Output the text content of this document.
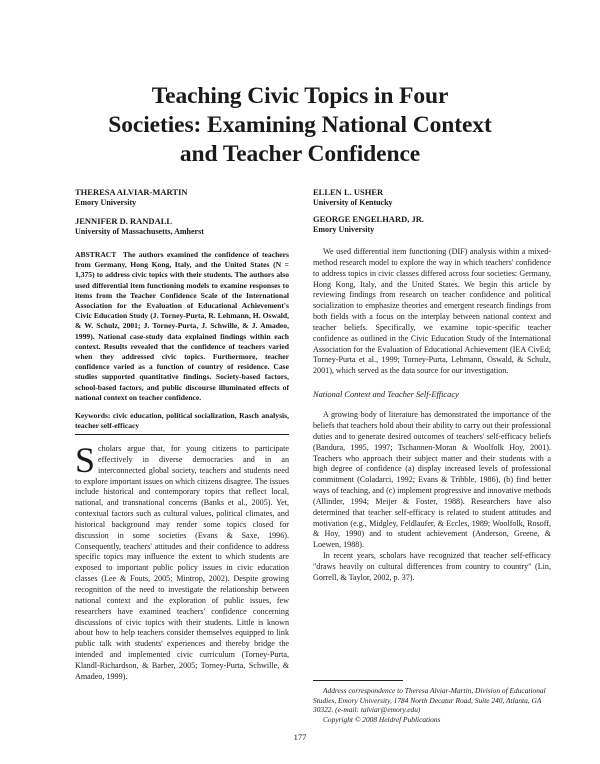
Teaching Civic Topics in Four
Societies: Examining National Context
and Teacher Confidence
THERESA ALVIAR-MARTIN
Emory University
JENNIFER D. RANDALL
University of Massachusetts, Amherst
ELLEN L. USHER
University of Kentucky
GEORGE ENGELHARD, JR.
Emory University

ABSTRACT The authors examined the confidence of teachers from Germany, Hong Kong, Italy, and the United States (N = 1,375) to address civic topics with their students. The authors also used differential item functioning models to examine responses to items from the Teacher Confidence Scale of the International Association for the Evaluation of Educational Achievement's Civic Education Study (J. Torney-Purta, R. Lehmann, H. Oswald, & W. Schulz, 2001; J. Torney-Purta, J. Schwille, & J. Amadeo, 1999). National case-study data explained findings within each context. Results revealed that the confidence of teachers varied when they addressed civic topics. Furthermore, teacher confidence varied as a function of country of residence. Case studies supported quantitative findings. Society-based factors, school-based factors, and public discourse illuminated effects of national context on teacher confidence.

Keywords: civic education, political socialization, Rasch analysis, teacher self-efficacy

Scholars argue that, for young citizens to participate effectively in diverse democracies and in an interconnected global society, teachers and students need to explore important issues on which citizens disagree. The issues include historical and contemporary topics that reflect local, national, and transnational concerns (Banks et al., 2005). Yet, contextual factors such as cultural values, political climates, and historical background may render some topics closed for discussion in some societies (Evans & Saxe, 1996). Consequently, teachers' attitudes and their confidence to address specific topics may influence the extent to which students are exposed to important public policy issues in civic education classes (Lee & Fouts, 2005; Mintrop, 2002). Despite growing recognition of the need to investigate the relationship between national context and the exploration of public issues, few researchers have examined teachers' confidence concerning discussions of civic topics with their students. Little is known about how to help teachers consider themselves equipped to link public talk with students' experiences and thereby bridge the intended and implemented civic curriculum (Torney-Purta, Klandl-Richardson, & Barber, 2005; Torney-Purta, Schwille, & Amadeo, 1999).

We used differential item functioning (DIF) analysis within a mixed-method research model to explore the way in which teachers' confidence to address topics in civic classes differed across four societies: Germany, Hong Kong, Italy, and the United States. We begin this article by reviewing findings from research on teacher confidence and political socialization to emphasize theories and emergent research findings from both fields with a focus on the interplay between national context and teacher beliefs. Specifically, we examine topic-specific teacher confidence as outlined in the Civic Education Study of the International Association for the Evaluation of Educational Achievement (IEA CivEd; Torney-Purta et al., 1999; Torney-Purta, Lehmann, Oswald, & Schulz, 2001), which served as the data source for our investigation.

National Context and Teacher Self-Efficacy

A growing body of literature has demonstrated the importance of the beliefs that teachers hold about their ability to carry out their professional duties and to generate desired outcomes of teachers' self-efficacy beliefs (Bandura, 1995, 1997; Tschannen-Moran & Woolfolk Hoy, 2001). Teachers who approach their subject matter and their students with a high degree of confidence (a) display increased levels of professional commitment (Coladarci, 1992; Evans & Tribble, 1986), (b) find better ways of teaching, and (c) implement progressive and innovative methods (Allinder, 1994; Meijer & Foster, 1988). Researchers have also determined that teacher self-efficacy is related to student attitudes and motivation (e.g., Midgley, Feldlaufer, & Eccles, 1989; Woolfolk, Rosoff, & Hoy, 1990) and to student achievement (Anderson, Greene, & Loewen, 1988).

In recent years, scholars have recognized that teacher self-efficacy "draws heavily on cultural differences from country to country" (Lin, Gorrell, & Taylor, 2002, p. 37).

Address correspondence to Theresa Alviar-Martin, Division of Educational Studies, Emory University, 1784 North Decatur Road, Suite 240, Atlanta, GA 30322. (e-mail: talviar@emory.edu)

Copyright © 2008 Heldref Publications

177
